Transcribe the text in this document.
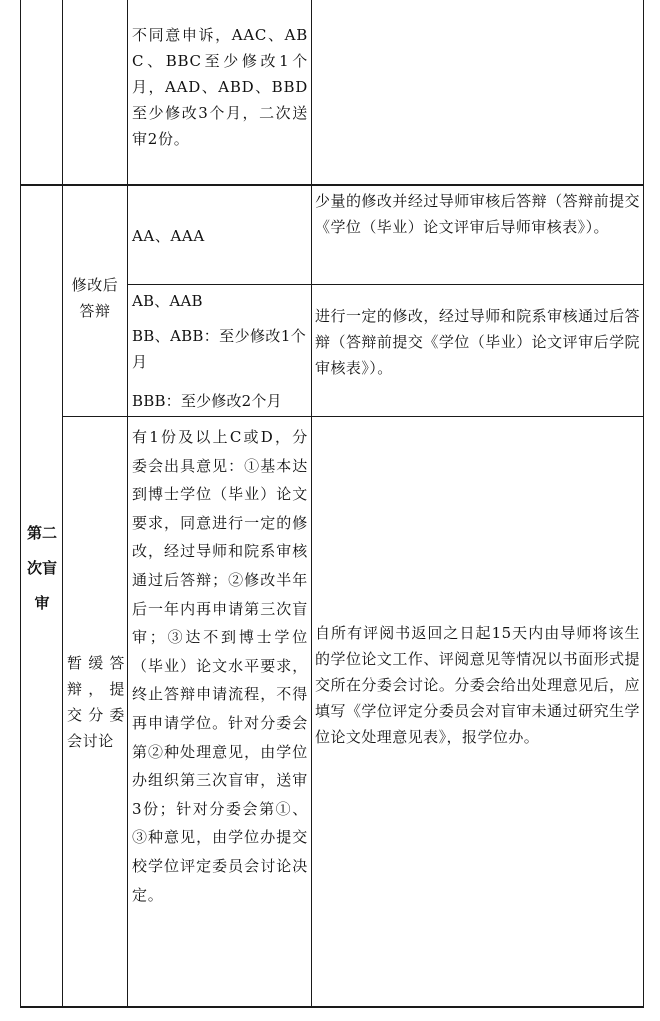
不同意申诉，AAC、ABC、BBC至少修改1个月，AAD、ABD、BBD至少修改3个月，二次送审2份。
第二次盲审
修改后答辩
AA、AAA
少量的修改并经过导师审核后答辩（答辩前提交《学位（毕业）论文评审后导师审核表》）。
AB、AAB
BB、ABB：至少修改1个月
BBB：至少修改2个月
进行一定的修改，经过导师和院系审核通过后答辩（答辩前提交《学位（毕业）论文评审后学院审核表》）。
暂缓答辩，提交分委会讨论
有1份及以上C或D，分委会出具意见：①基本达到博士学位（毕业）论文要求，同意进行一定的修改，经过导师和院系审核通过后答辩；②修改半年后一年内再申请第三次盲审；③达不到博士学位（毕业）论文水平要求，终止答辩申请流程，不得再申请学位。针对分委会第②种处理意见，由学位办组织第三次盲审，送审3份；针对分委会第①、③种意见，由学位办提交校学位评定委员会讨论决定。
自所有评阅书返回之日起15天内由导师将该生的学位论文工作、评阅意见等情况以书面形式提交所在分委会讨论。分委会给出处理意见后，应填写《学位评定分委员会对盲审未通过研究生学位论文处理意见表》，报学位办。
